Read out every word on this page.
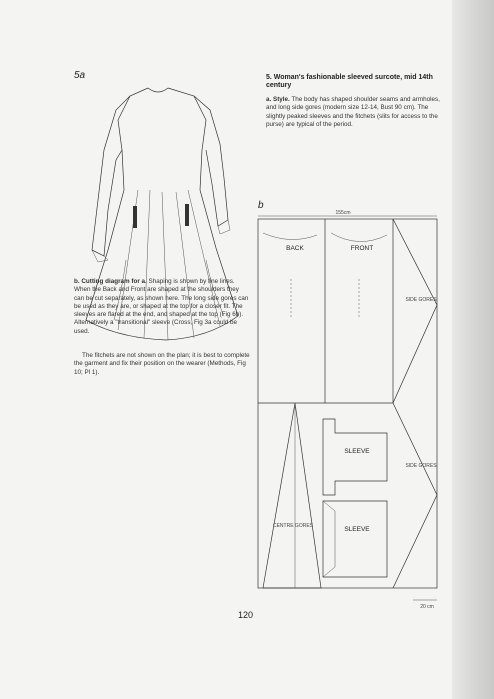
5a	5. Woman's fashionable sleeved surcote, mid 14th century
a. Style. The body has shaped shoulder seams and armholes, and long side gores (modern size 12-14, Bust 90 cm). The slightly peaked sleeves and the fitchets (slits for access to the purse) are typical of the period.
b. Cutting diagram for a. Shaping is shown by fine lines. When the Back and Front are shaped at the shoulders they can be cut separately, as shown here. The long side gores can be used as they are, or shaped at the top for a closer fit. The sleeves are flared at the end, and shaped at the top (Fig 6b). Alternatively a "transitional" sleeve (Cross, Fig 3a could be used.
The fitchets are not shown on the plan; it is best to complete the garment and fix their position on the wearer (Methods, Fig 10; Pl 1).
b
155cm
BACK	FRONT
SIDE GORES
SIDE GORES
SLEEVE
SLEEVE
CENTRE GORES
20 cm
120
